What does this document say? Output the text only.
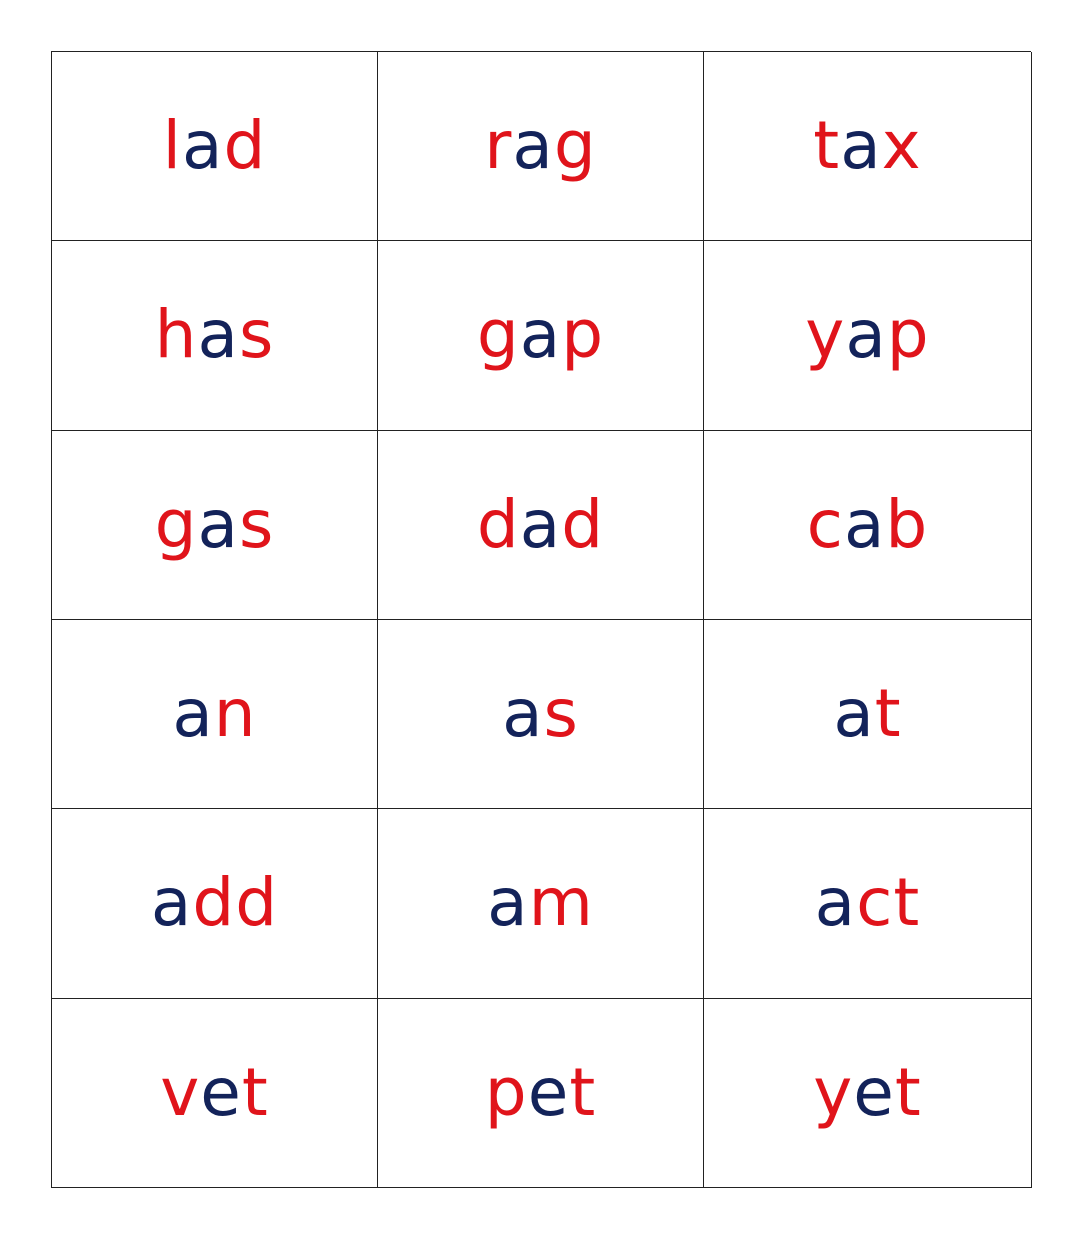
lad	rag	tax
has	gap	yap
gas	dad	cab
an	as	at
add	am	act
vet	pet	yet
